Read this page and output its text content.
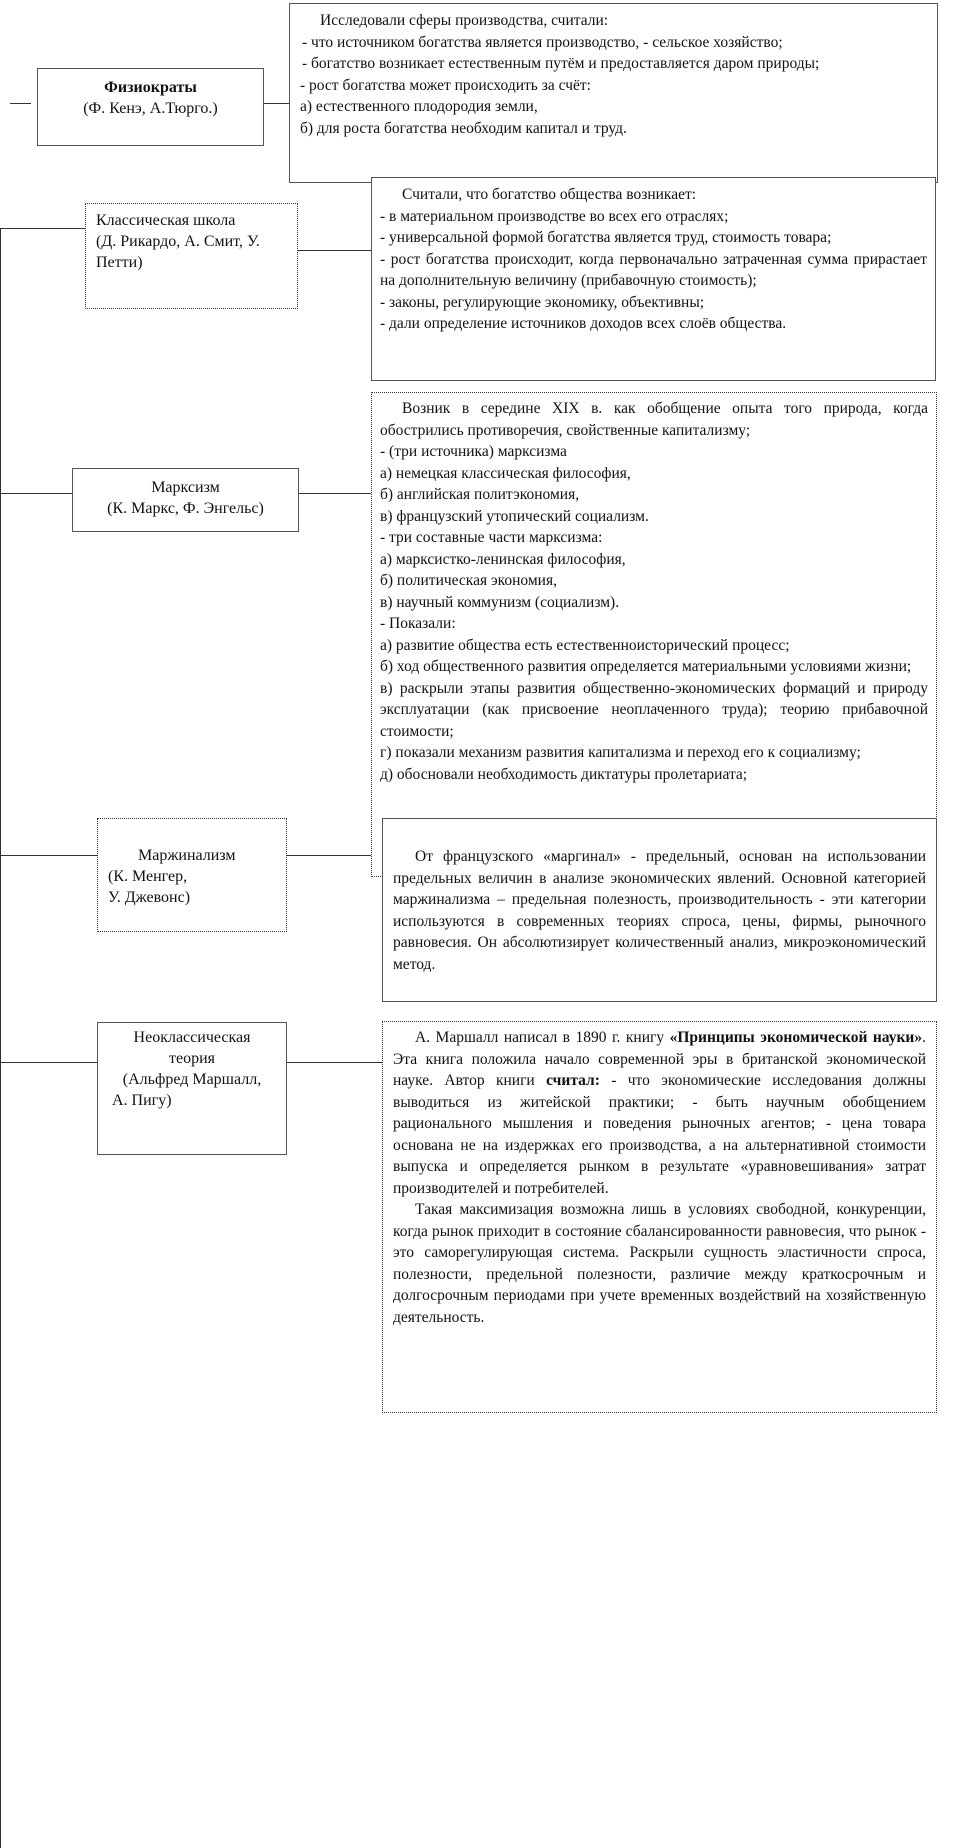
Физиократы
(Ф. Кенэ, А.Тюрго.)

Исследовали сферы производства, считали:

- что источником богатства является производство, - сельское хозяйство;

- богатство возникает естественным путём и предоставляется даром природы;

- рост богатства может происходить за счёт:

а) естественного плодородия земли,

б) для роста богатства необходим капитал и труд.

Классическая школа
(Д. Рикардо, А. Смит, У. Петти)

Считали, что богатство общества возникает:

- в материальном производстве во всех его отраслях;

- универсальной формой богатства является труд, стоимость товара;

- рост богатства происходит, когда первоначально затраченная сумма прирастает на дополнительную величину (прибавочную стоимость);

- законы, регулирующие экономику, объективны;

- дали определение источников доходов всех слоёв общества.

Марксизм
(К. Маркс, Ф. Энгельс)

Возник в середине XIX в. как обобщение опыта того природа, когда обострились противоречия, свойственные капитализму;

- (три источника) марксизма

а) немецкая классическая философия,

б) английская политэкономия,

в) французский утопический социализм.

- три составные части марксизма:

а) марксистко-ленинская философия,

б) политическая экономия,

в) научный коммунизм (социализм).

- Показали:

а) развитие общества есть естественноисторический процесс;

б) ход общественного развития определяется материальными условиями жизни;

в) раскрыли этапы развития общественно-экономических формаций и природу эксплуатации (как присвоение неоплаченного труда); теорию прибавочной стоимости;

г) показали механизм развития капитализма и переход его к социализму;

д) обосновали необходимость диктатуры пролетариата;

Маржинализм
(К. Менгер,
У. Джевонс)

От французского «маргинал» - предельный, основан на использовании предельных величин в анализе экономических явлений. Основной категорией маржинализма – предельная полезность, производительность - эти категории используются в современных теориях спроса, цены, фирмы, рыночного равновесия. Он абсолютизирует количественный анализ, микроэкономический метод.

Неоклассическая
теория
(Альфред Маршалл,
А. Пигу)

А. Маршалл написал в 1890 г. книгу «Принципы экономической науки». Эта книга положила начало современной эры в британской экономической науке. Автор книги считал: - что экономические исследования должны выводиться из житейской практики; - быть научным обобщением рационального мышления и поведения рыночных агентов; - цена товара основана не на издержках его производства, а на альтернативной стоимости выпуска и определяется рынком в результате «уравновешивания» затрат производителей и потребителей.

Такая максимизация возможна лишь в условиях свободной, конкуренции, когда рынок приходит в состояние сбалансированности равновесия, что рынок - это саморегулирующая система. Раскрыли сущность эластичности спроса, полезности, предельной полезности, различие между краткосрочным и долгосрочным периодами при учете временных воздействий на хозяйственную деятельность.
